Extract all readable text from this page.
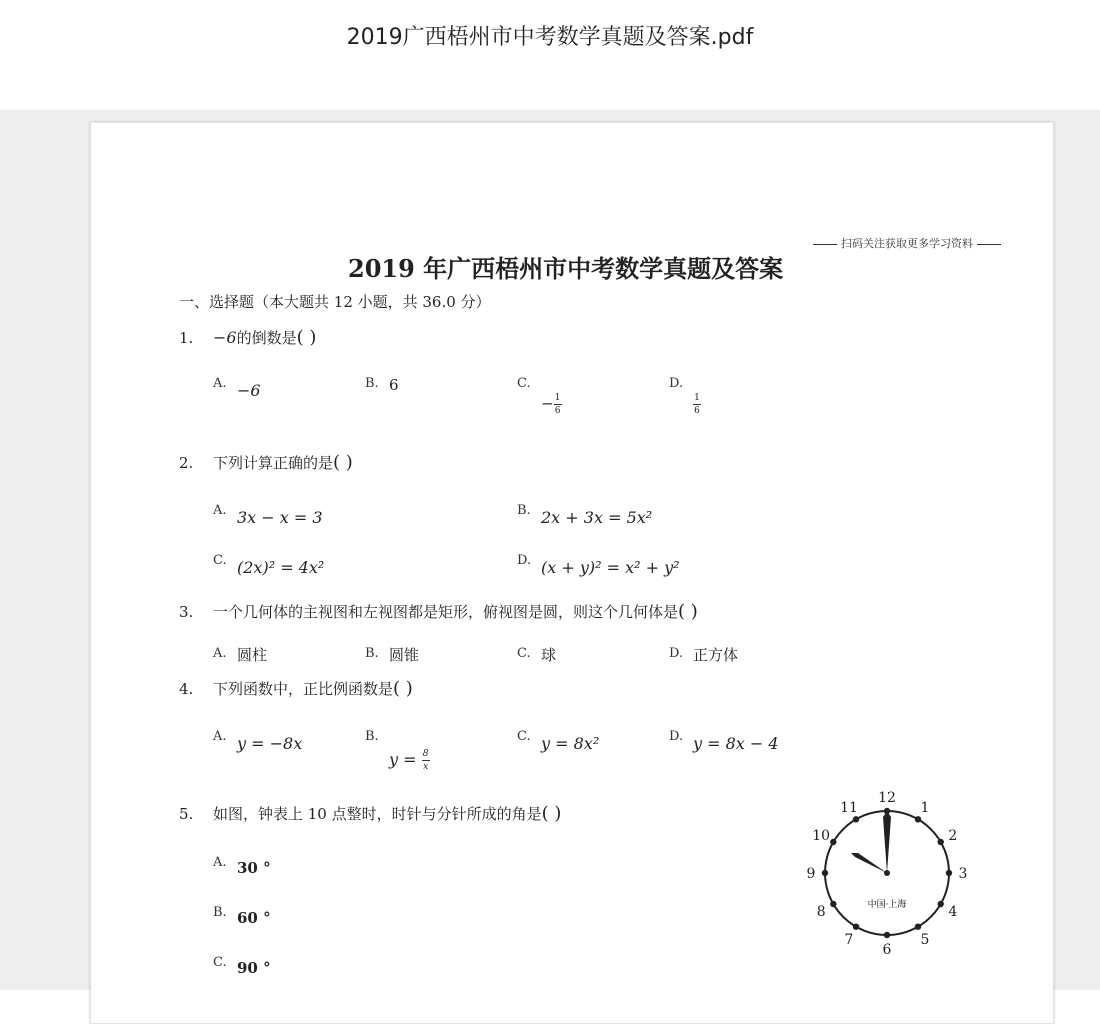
2019广西梧州市中考数学真题及答案.pdf
扫码关注获取更多学习资料
2019 年广西梧州市中考数学真题及答案
一、选择题（本大题共 12 小题，共 36.0 分）
1. −6的倒数是( )
A. −6	B. 6	C.
− $\frac{1}{6}$
D.
$\frac{1}{6}$
2. 下列计算正确的是( )
A. 3x − x = 3	B. 2x + 3x = 5x²
C. (2x)² = 4x²	D. (x + y)² = x² + y²
3. 一个几何体的主视图和左视图都是矩形，俯视图是圆，则这个几何体是( )
A. 圆柱	B. 圆锥	C. 球	D. 正方体
4. 下列函数中，正比例函数是( )
A. y = −8x	B.
$y = \frac{8}{x}$
C. y = 8x²	D. y = 8x − 4
5. 如图，钟表上 10 点整时，时针与分针所成的角是( )
A. 30 °
B. 60 °
C. 90 °
12
1
2
3
4
5
6
7
8
9
10
11
中国·上海
